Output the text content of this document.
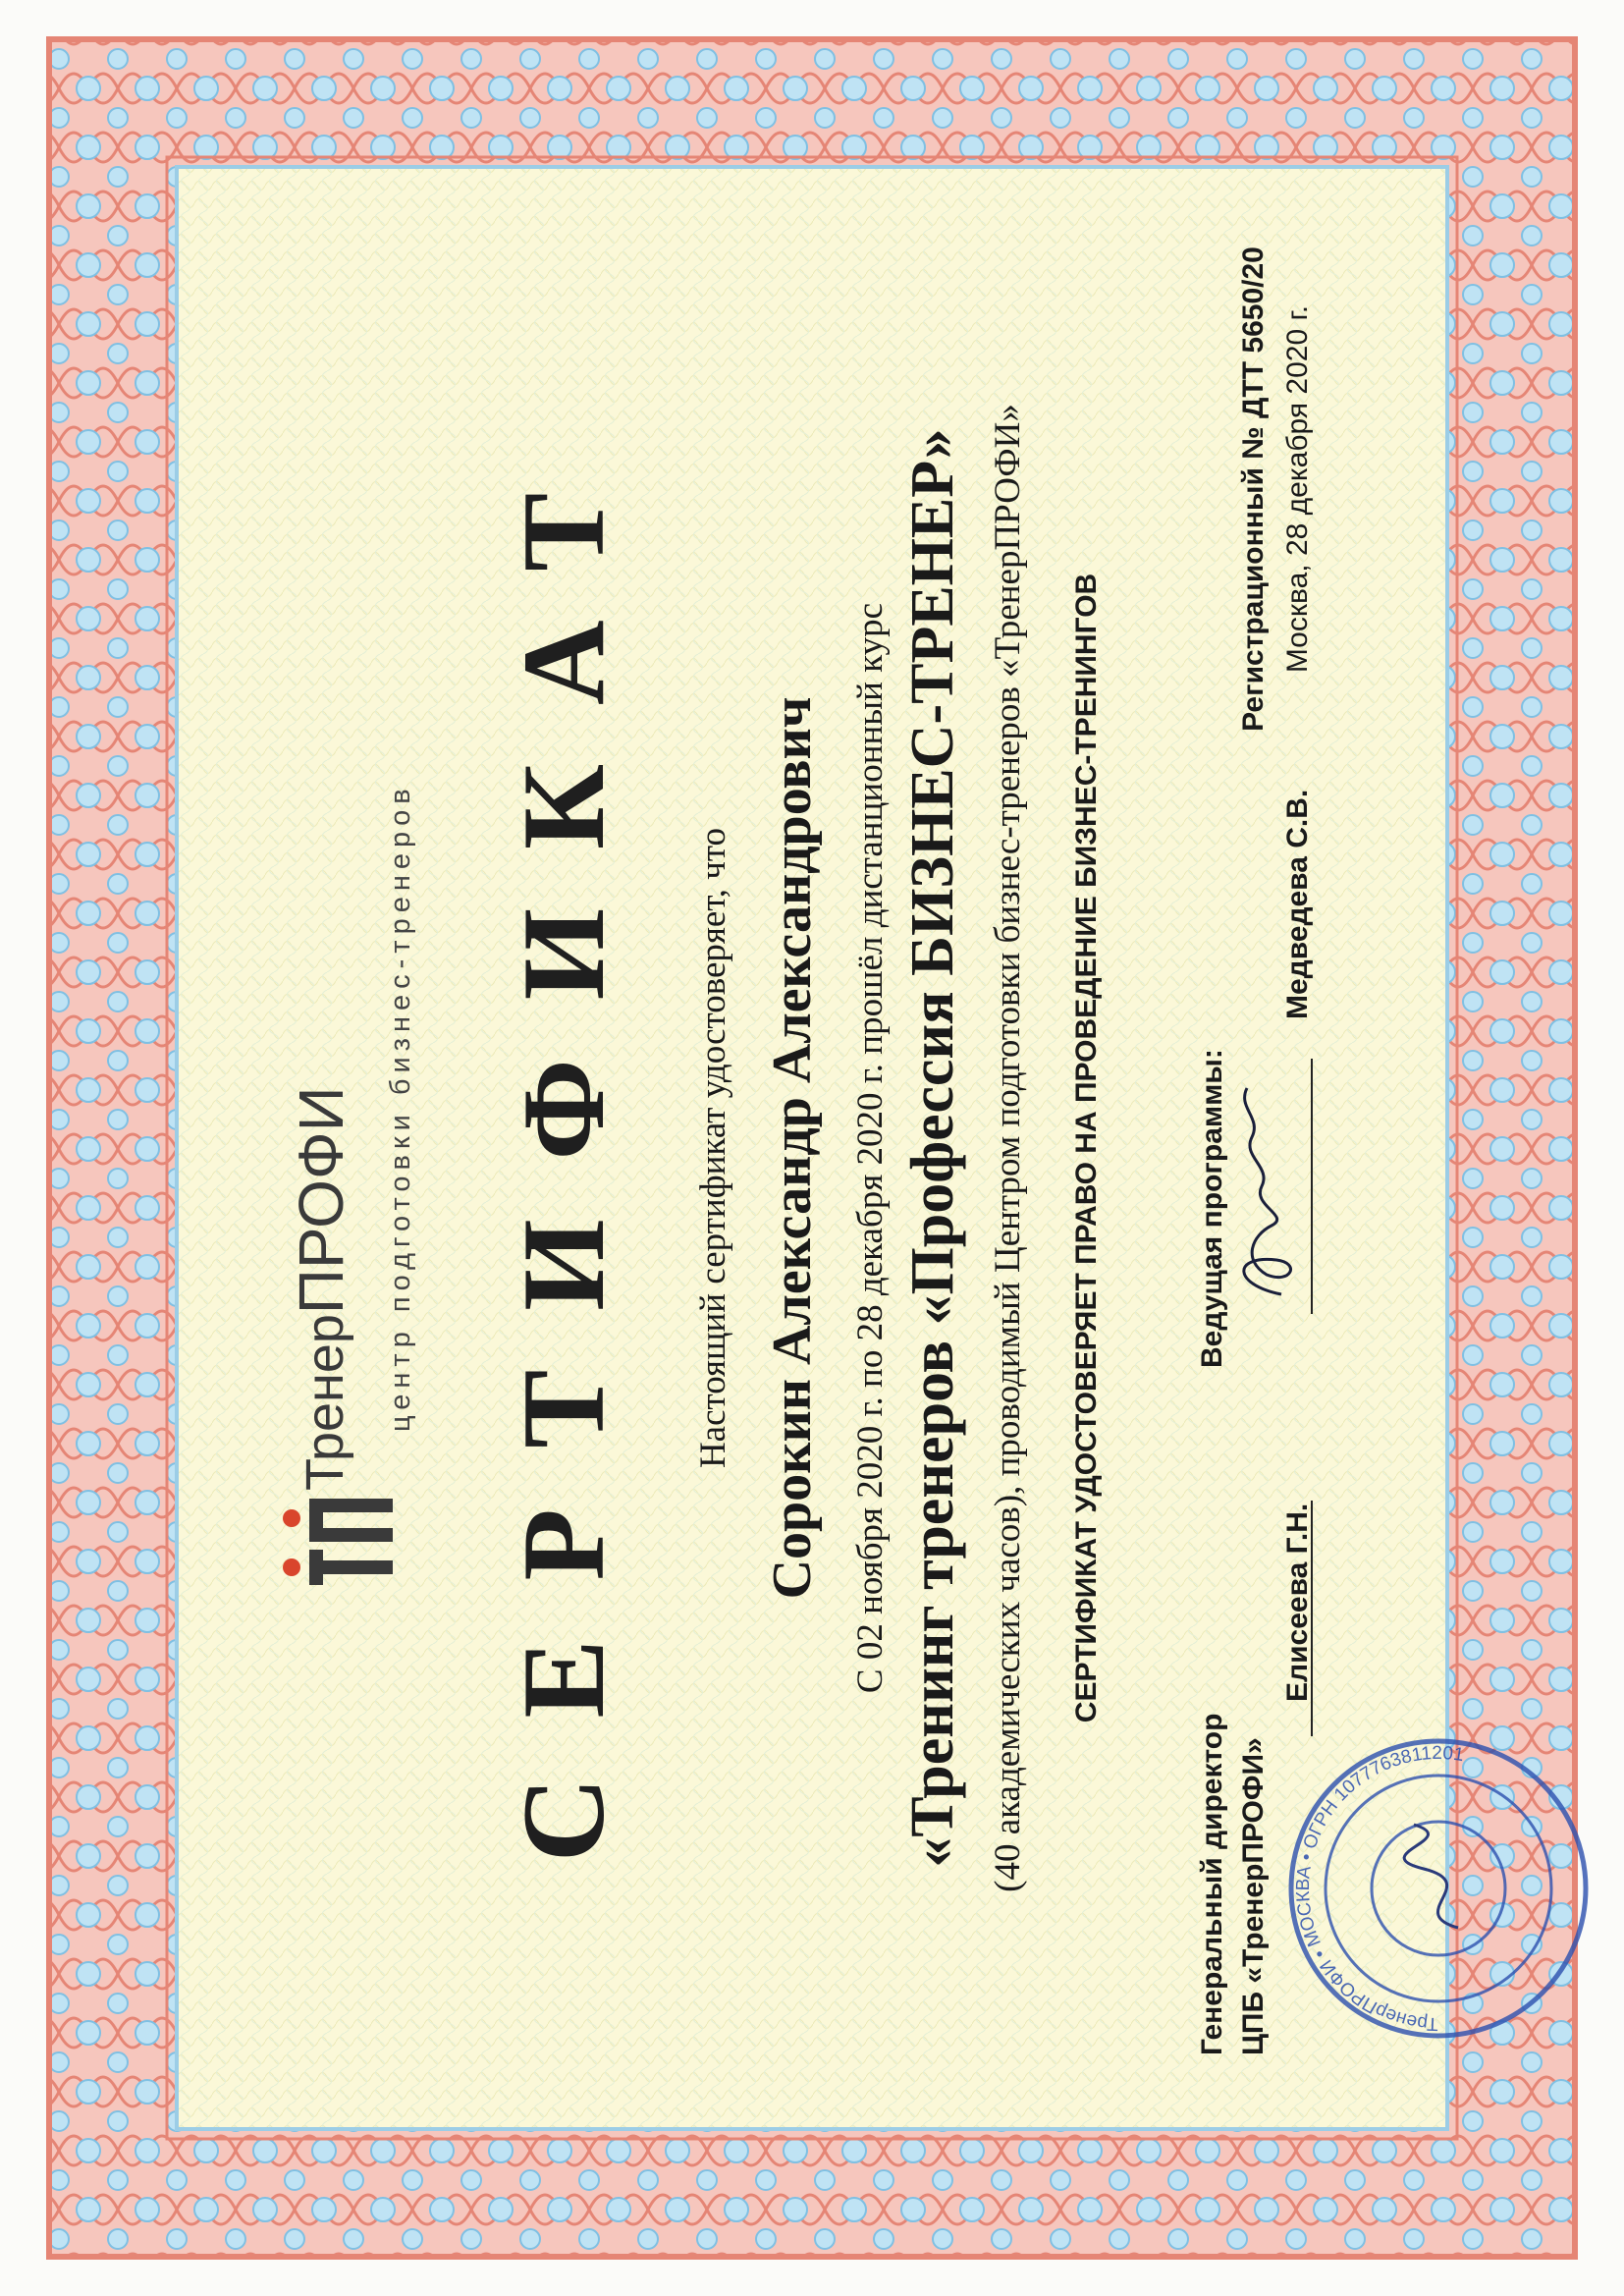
ТренерПРОФИ центр подготовки бизнес-тренеров СЕРТИФИКАТ Настоящий сертификат удостоверяет, что Сорокин Александр Александрович С 02 ноября 2020 г. по 28 декабря 2020 г. прошёл дистанционный курс «Тренинг тренеров «Профессия БИЗНЕС-ТРЕНЕР» (40 академических часов), проводимый Центром подготовки бизнес-тренеров «ТренерПРОФИ» СЕРТИФИКАТ УДОСТОВЕРЯЕТ ПРАВО НА ПРОВЕДЕНИЕ БИЗНЕС-ТРЕНИНГОВ
Генеральный директор ЦПБ «ТренерПРОФИ»
Елисеева Г.Н.
ТренерПРОФИ • МОСКВА • ОГРН 1077763811201
Ведущая программы:
Медведева С.В.
Регистрационный № ДТТ 5650/20 Москва, 28 декабря 2020 г.
